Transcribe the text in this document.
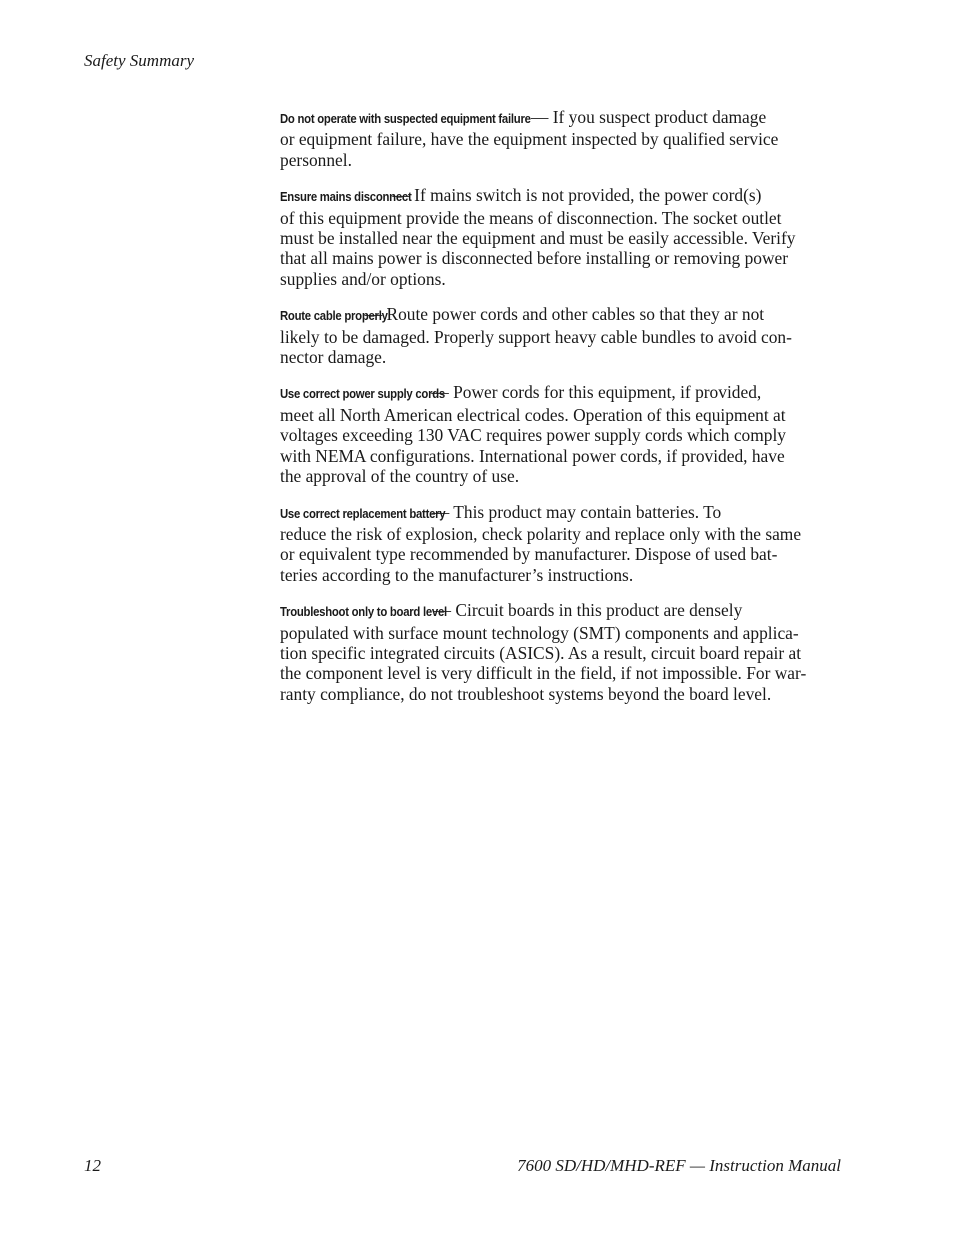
Safety Summary

Do not operate with suspected equipment failure — If you suspect product damage
or equipment failure, have the equipment inspected by qualified service
personnel.

Ensure mains disconnect — If mains switch is not provided, the power cord(s)
of this equipment provide the means of disconnection. The socket outlet
must be installed near the equipment and must be easily accessible. Verify
that all mains power is disconnected before installing or removing power
supplies and/or options.

Route cable properly — Route power cords and other cables so that they ar not
likely to be damaged. Properly support heavy cable bundles to avoid con-
nector damage.

Use correct power supply cords — Power cords for this equipment, if provided,
meet all North American electrical codes. Operation of this equipment at
voltages exceeding 130 VAC requires power supply cords which comply
with NEMA configurations. International power cords, if provided, have
the approval of the country of use.

Use correct replacement battery — This product may contain batteries. To
reduce the risk of explosion, check polarity and replace only with the same
or equivalent type recommended by manufacturer. Dispose of used bat-
teries according to the manufacturer’s instructions.

Troubleshoot only to board level — Circuit boards in this product are densely
populated with surface mount technology (SMT) components and applica-
tion specific integrated circuits (ASICS). As a result, circuit board repair at
the component level is very difficult in the field, if not impossible. For war-
ranty compliance, do not troubleshoot systems beyond the board level.

12	7600 SD/HD/MHD-REF — Instruction Manual
